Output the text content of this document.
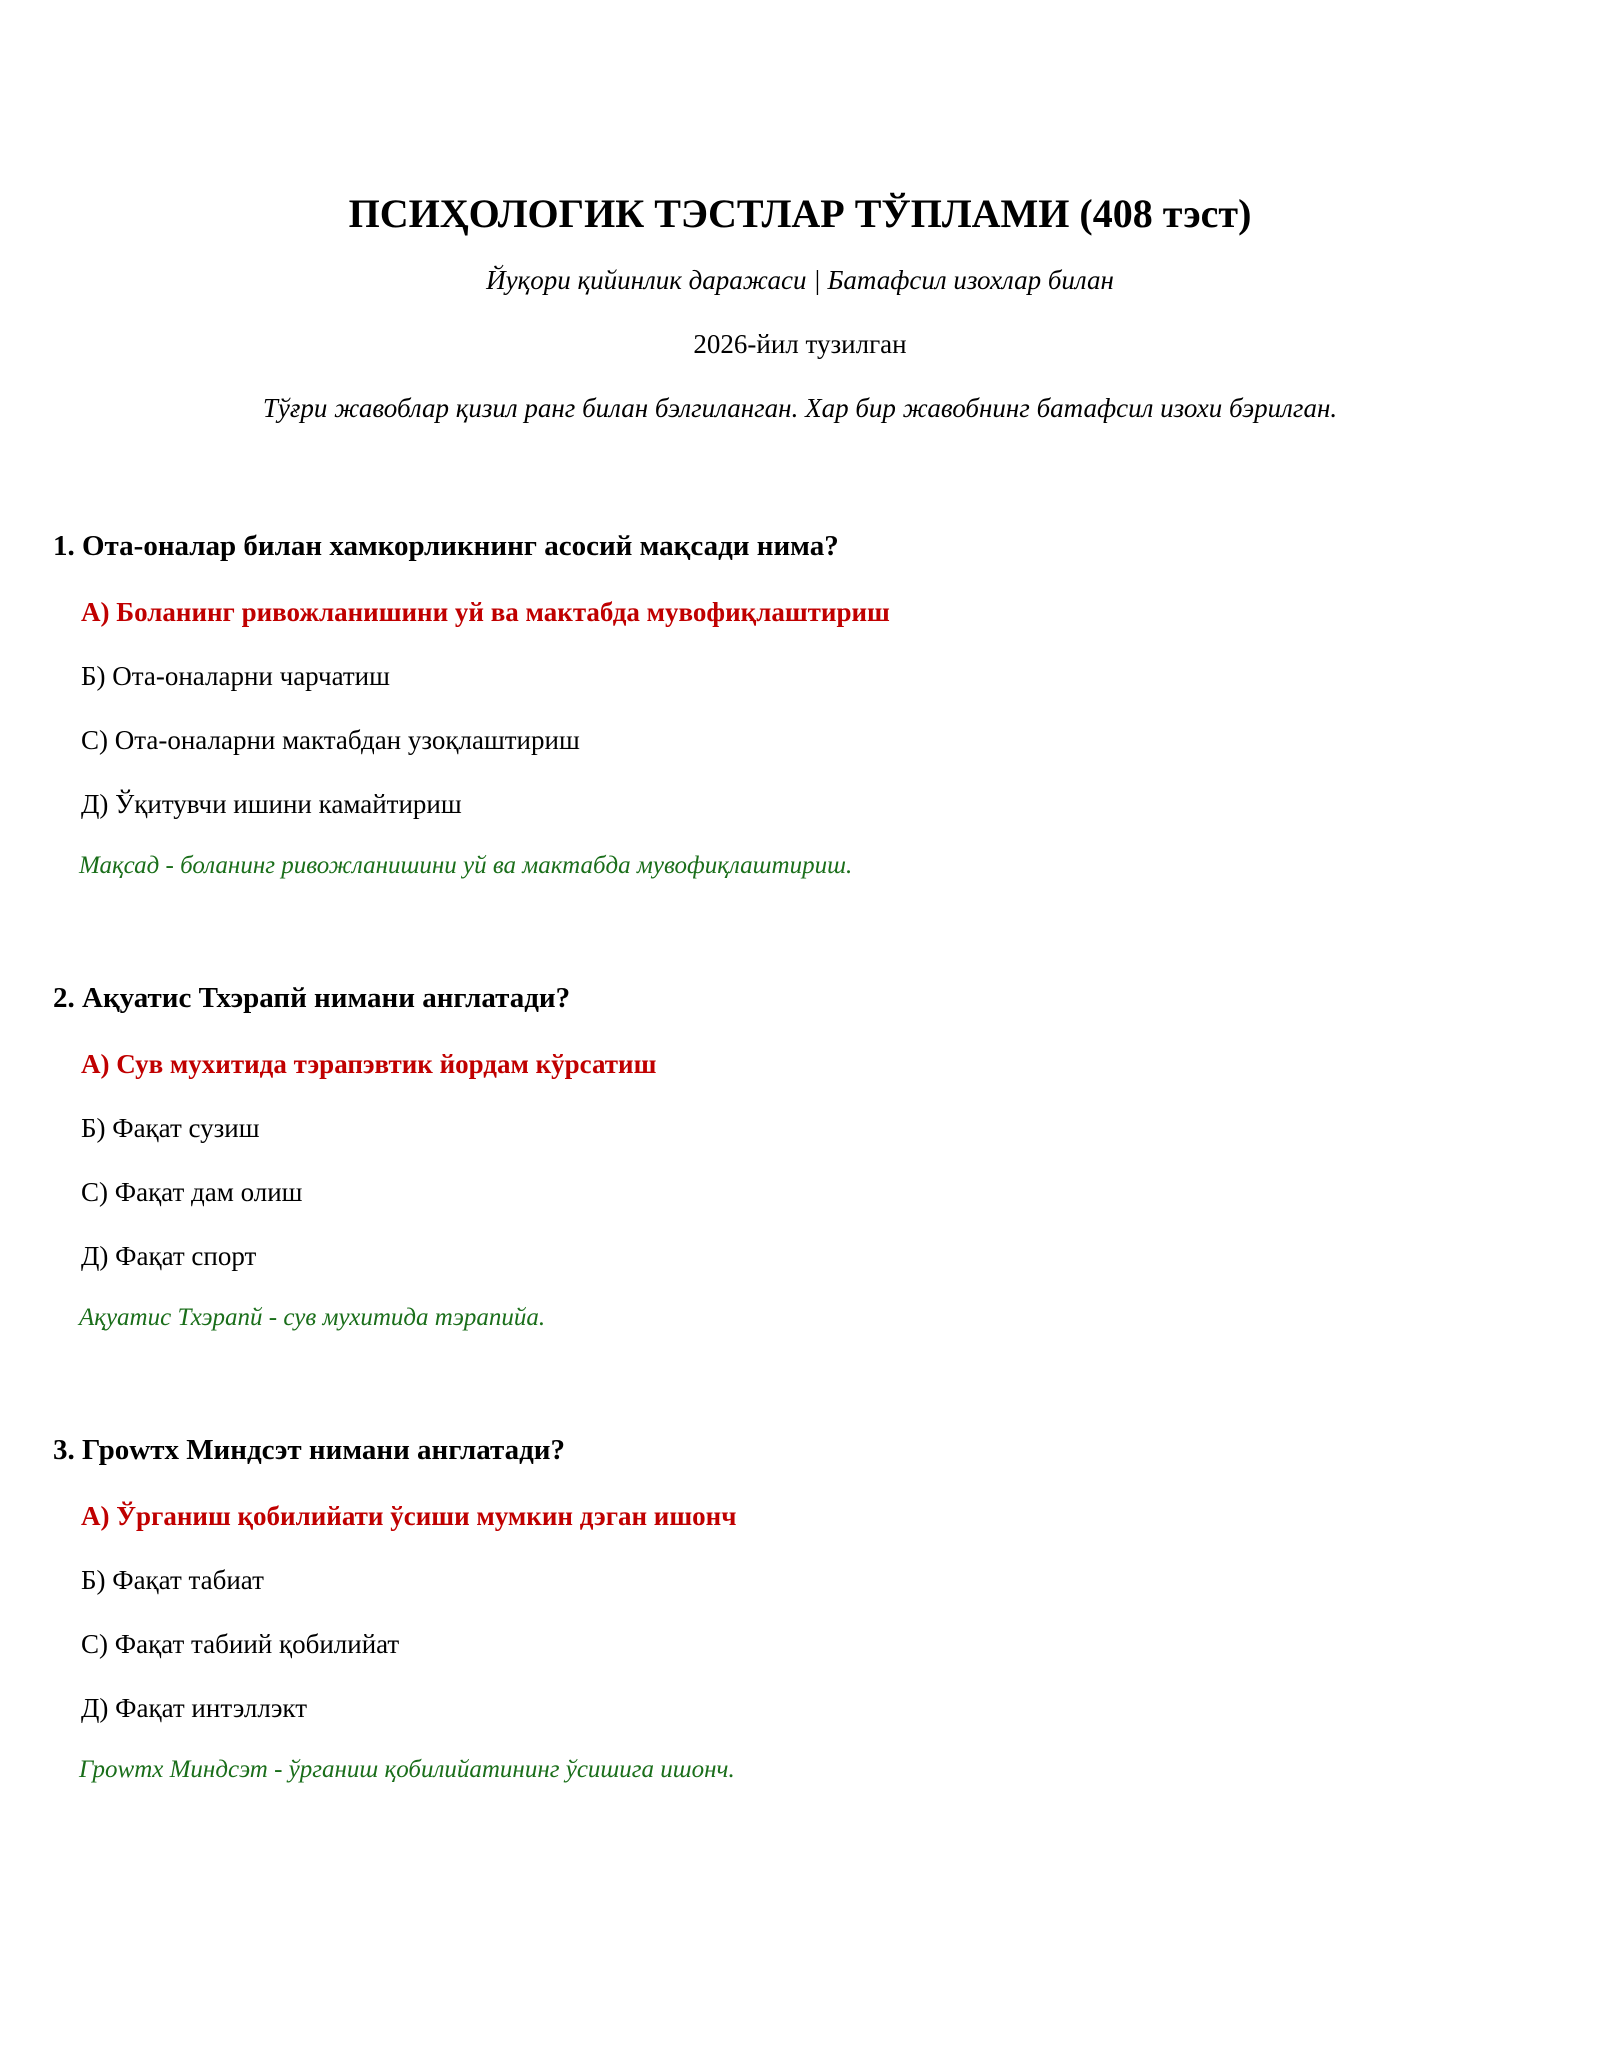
ПСИҲОЛОГИК ТЭСТЛАР ТЎПЛАМИ (408 тэст)

Йуқори қийинлик даражаси | Батафсил изохлар билан

2026-йил тузилган

Тўғри жавоблар қизил ранг билан бэлгиланган. Хар бир жавобнинг батафсил изохи бэрилган.

1. Ота-оналар билан хамкорликнинг асосий мақсади нима?

А) Боланинг ривожланишини уй ва мактабда мувофиқлаштириш

Б) Ота-оналарни чарчатиш

С) Ота-оналарни мактабдан узоқлаштириш

Д) Ўқитувчи ишини камайтириш

Мақсад - боланинг ривожланишини уй ва мактабда мувофиқлаштириш.

2. Ақуатис Тхэрапй нимани англатади?

А) Сув мухитида тэрапэвтик йордам кўрсатиш

Б) Фақат сузиш

С) Фақат дам олиш

Д) Фақат спорт

Ақуатис Тхэрапй - сув мухитида тэрапийа.

3. Гроwтх Миндсэт нимани англатади?

А) Ўрганиш қобилийати ўсиши мумкин дэган ишонч

Б) Фақат табиат

С) Фақат табиий қобилийат

Д) Фақат интэллэкт

Гроwтх Миндсэт - ўрганиш қобилийатининг ўсишига ишонч.
